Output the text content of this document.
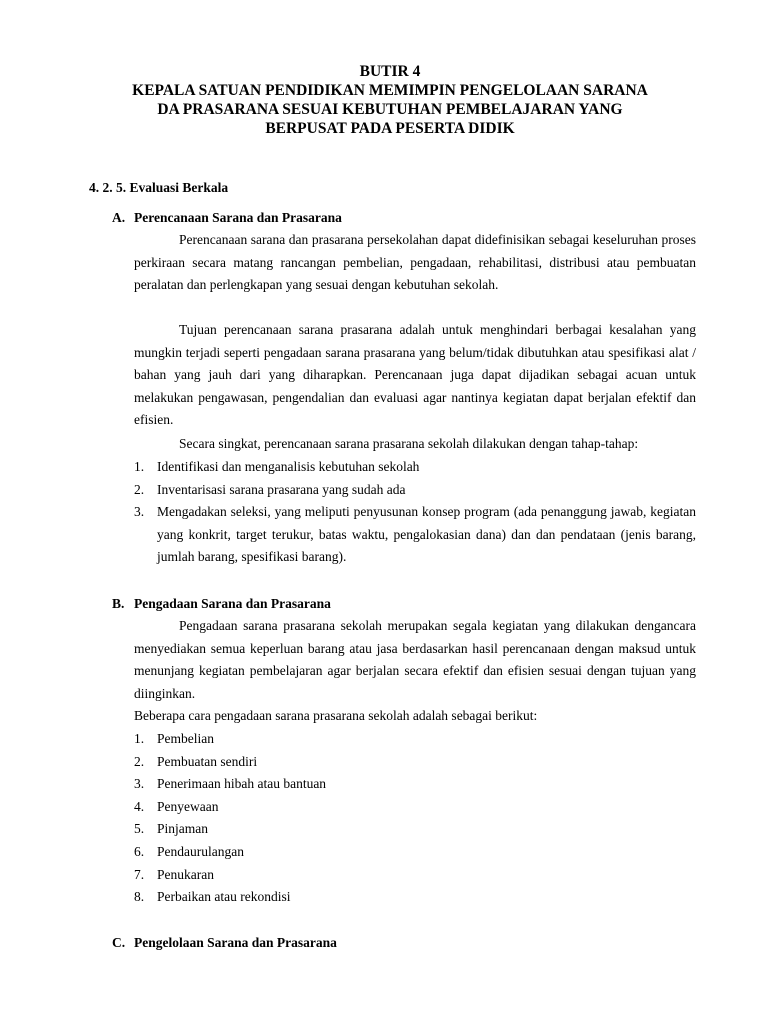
BUTIR 4
KEPALA SATUAN PENDIDIKAN MEMIMPIN PENGELOLAAN SARANA
DA PRASARANA SESUAI KEBUTUHAN PEMBELAJARAN YANG
BERPUSAT PADA PESERTA DIDIK
4. 2. 5. Evaluasi Berkala
A. Perencanaan Sarana dan Prasarana

Perencanaan sarana dan prasarana persekolahan dapat didefinisikan sebagai keseluruhan proses perkiraan secara matang rancangan pembelian, pengadaan, rehabilitasi, distribusi atau pembuatan peralatan dan perlengkapan yang sesuai dengan kebutuhan sekolah.

Tujuan perencanaan sarana prasarana adalah untuk menghindari berbagai kesalahan yang mungkin terjadi seperti pengadaan sarana prasarana yang belum/tidak dibutuhkan atau spesifikasi alat / bahan yang jauh dari yang diharapkan. Perencanaan juga dapat dijadikan sebagai acuan untuk melakukan pengawasan, pengendalian dan evaluasi agar nantinya kegiatan dapat berjalan efektif dan efisien.

Secara singkat, perencanaan sarana prasarana sekolah dilakukan dengan tahap-tahap:

1. Identifikasi dan menganalisis kebutuhan sekolah
2. Inventarisasi sarana prasarana yang sudah ada
3. Mengadakan seleksi, yang meliputi penyusunan konsep program (ada penanggung jawab, kegiatan yang konkrit, target terukur, batas waktu, pengalokasian dana) dan dan pendataan (jenis barang, jumlah barang, spesifikasi barang).
B. Pengadaan Sarana dan Prasarana

Pengadaan sarana prasarana sekolah merupakan segala kegiatan yang dilakukan dengancara menyediakan semua keperluan barang atau jasa berdasarkan hasil perencanaan dengan maksud untuk menunjang kegiatan pembelajaran agar berjalan secara efektif dan efisien sesuai dengan tujuan yang diinginkan.

Beberapa cara pengadaan sarana prasarana sekolah adalah sebagai berikut:
1. Pembelian
2. Pembuatan sendiri
3. Penerimaan hibah atau bantuan
4. Penyewaan
5. Pinjaman
6. Pendaurulangan
7. Penukaran
8. Perbaikan atau rekondisi
C. Pengelolaan Sarana dan Prasarana
